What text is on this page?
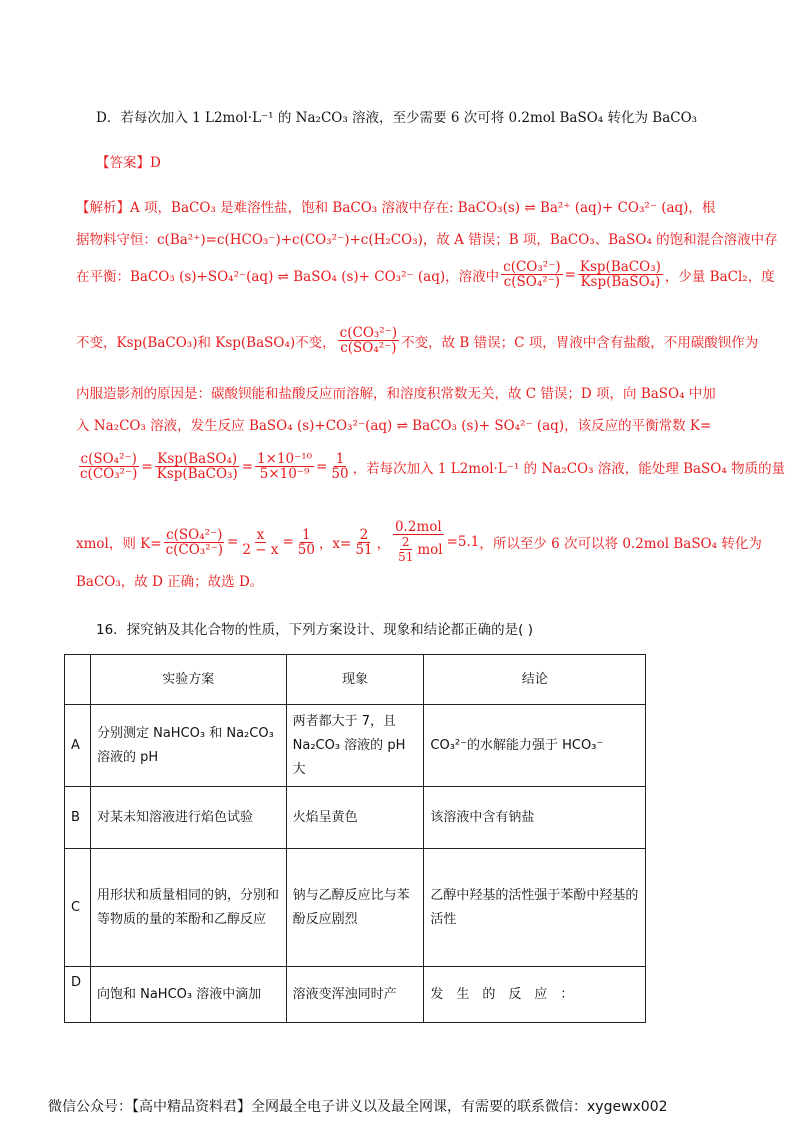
D．若每次加入 1 L2mol·L⁻¹ 的 Na₂CO₃ 溶液，至少需要 6 次可将 0.2mol BaSO₄ 转化为 BaCO₃
【答案】D
【解析】A 项，BaCO₃ 是难溶性盐，饱和 BaCO₃ 溶液中存在: BaCO₃(s) ⇌ Ba²⁺ (aq)+ CO₃²⁻ (aq)，根
据物料守恒：c(Ba²⁺)=c(HCO₃⁻)+c(CO₃²⁻)+c(H₂CO₃)，故 A 错误；B 项，BaCO₃、BaSO₄ 的饱和混合溶液中存
在平衡：BaCO₃ (s)+SO₄²⁻(aq) ⇌ BaSO₄ (s)+ CO₃²⁻ (aq)，溶液中 $\frac{\text{c(CO₃²⁻)}}{\text{c(SO₄²⁻)}} = \frac{\text{Ksp(BaCO₃)}}{\text{Ksp(BaSO₄)}}$ ，少量 BaCl₂，度
不变，Ksp(BaCO₃)和 Ksp(BaSO₄)不变， $\frac{\text{c(CO₃²⁻)}}{\text{c(SO₄²⁻)}}$ 不变，故 B 错误；C 项，胃液中含有盐酸，不用碳酸钡作为
内服造影剂的原因是：碳酸钡能和盐酸反应而溶解，和溶度积常数无关，故 C 错误；D 项，向 BaSO₄ 中加
入 Na₂CO₃ 溶液，发生反应 BaSO₄ (s)+CO₃²⁻(aq) ⇌ BaCO₃ (s)+ SO₄²⁻ (aq)，该反应的平衡常数 K=
$\frac{\text{c(SO₄²⁻)}}{\text{c(CO₃²⁻)}} = \frac{\text{Ksp(BaSO₄)}}{\text{Ksp(BaCO₃)}} = \frac{\text{1×10⁻¹⁰}}{\text{5×10⁻⁹}} = \frac{1}{50}$ ，若每次加入 1 L2mol·L⁻¹ 的 Na₂CO₃ 溶液，能处理 BaSO₄ 物质的量
xmol，则 $K= \frac{\text{c(SO₄²⁻)}}{\text{c(CO₃²⁻)}} = \frac{x}{2 - x} = \frac{1}{50}$ ，$x= \frac{2}{51}$ ， $\frac{\text{0.2mol}}{\frac{2}{51} mol} =5.1$ ，所以至少 6 次可以将 0.2mol BaSO₄ 转化为
BaCO₃，故 D 正确；故选 D。
16．探究钠及其化合物的性质，下列方案设计、现象和结论都正确的是( )
	实验方案	现象	结论
A	分别测定 NaHCO₃ 和 Na₂CO₃ 溶液的 pH	两者都大于 7，且 Na₂CO₃ 溶液的 pH 大	CO₃²⁻的水解能力强于 HCO₃⁻
B	对某未知溶液进行焰色试验	火焰呈黄色	该溶液中含有钠盐
C	用形状和质量相同的钠，分别和等物质的量的苯酚和乙醇反应	钠与乙醇反应比与苯酚反应剧烈	乙醇中羟基的活性强于苯酚中羟基的活性
D	向饱和 NaHCO₃ 溶液中滴加	溶液变浑浊同时产	发　生　的　反　应　：
微信公众号：【高中精品资料君】全网最全电子讲义以及最全网课，有需要的联系微信：xygewx002
